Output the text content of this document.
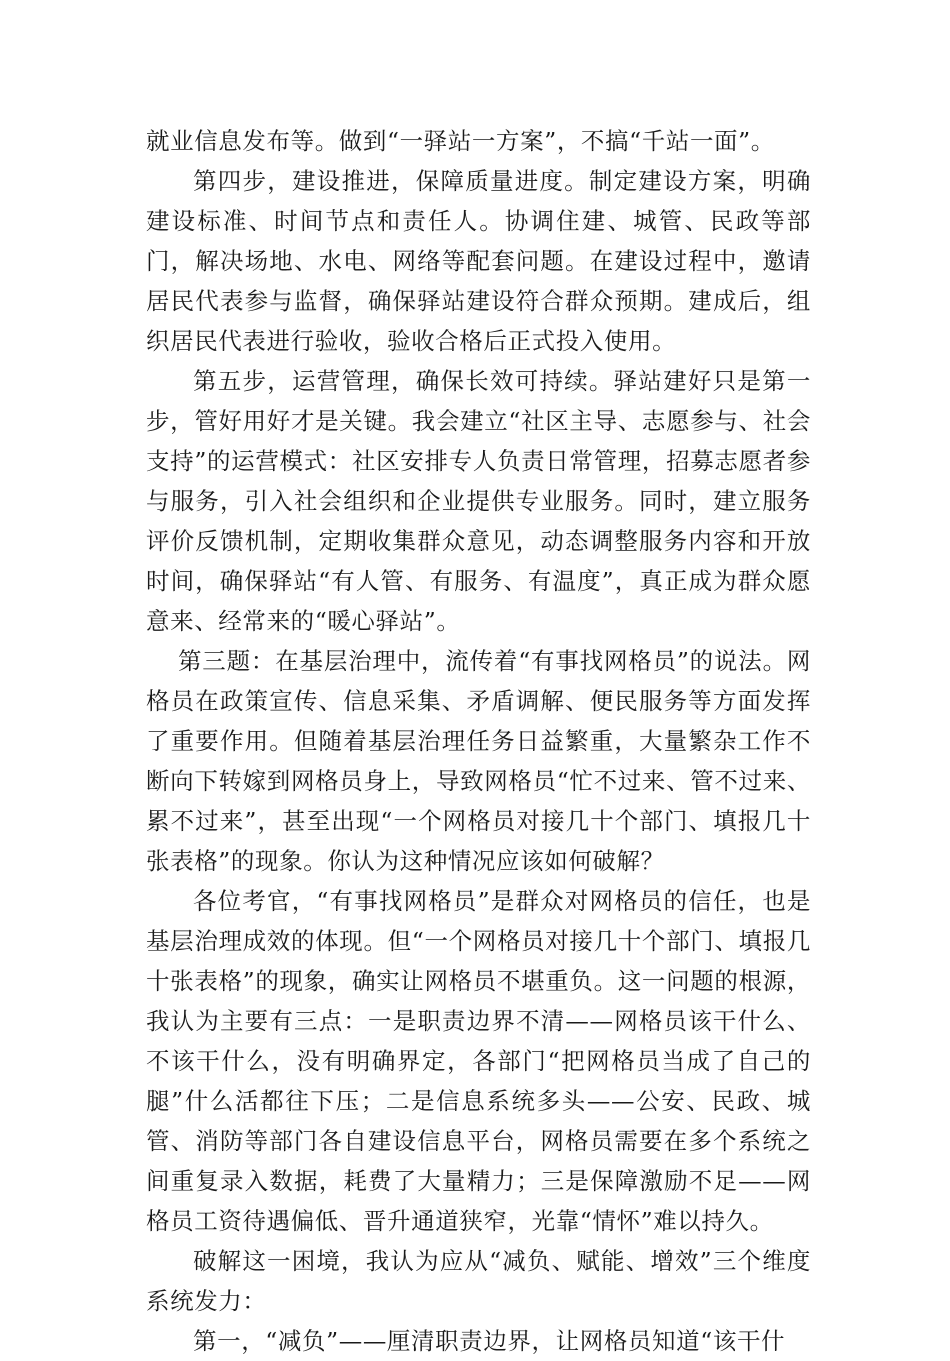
就业信息发布等。做到“一驿站一方案”，不搞“千站一面”。

第四步，建设推进，保障质量进度。制定建设方案，明确建设标准、时间节点和责任人。协调住建、城管、民政等部门，解决场地、水电、网络等配套问题。在建设过程中，邀请居民代表参与监督，确保驿站建设符合群众预期。建成后，组织居民代表进行验收，验收合格后正式投入使用。

第五步，运营管理，确保长效可持续。驿站建好只是第一步，管好用好才是关键。我会建立“社区主导、志愿参与、社会支持”的运营模式：社区安排专人负责日常管理，招募志愿者参与服务，引入社会组织和企业提供专业服务。同时，建立服务评价反馈机制，定期收集群众意见，动态调整服务内容和开放时间，确保驿站“有人管、有服务、有温度”，真正成为群众愿意来、经常来的“暖心驿站”。

第三题：在基层治理中，流传着“有事找网格员”的说法。网格员在政策宣传、信息采集、矛盾调解、便民服务等方面发挥了重要作用。但随着基层治理任务日益繁重，大量繁杂工作不断向下转嫁到网格员身上，导致网格员“忙不过来、管不过来、累不过来”，甚至出现“一个网格员对接几十个部门、填报几十张表格”的现象。你认为这种情况应该如何破解？

各位考官，“有事找网格员”是群众对网格员的信任，也是基层治理成效的体现。但“一个网格员对接几十个部门、填报几十张表格”的现象，确实让网格员不堪重负。这一问题的根源，我认为主要有三点：一是职责边界不清——网格员该干什么、不该干什么，没有明确界定，各部门“把网格员当成了自己的腿”什么活都往下压；二是信息系统多头——公安、民政、城管、消防等部门各自建设信息平台，网格员需要在多个系统之间重复录入数据，耗费了大量精力；三是保障激励不足——网格员工资待遇偏低、晋升通道狭窄，光靠“情怀”难以持久。

破解这一困境，我认为应从“减负、赋能、增效”三个维度系统发力：

第一，“减负”——厘清职责边界，让网格员知道“该干什
